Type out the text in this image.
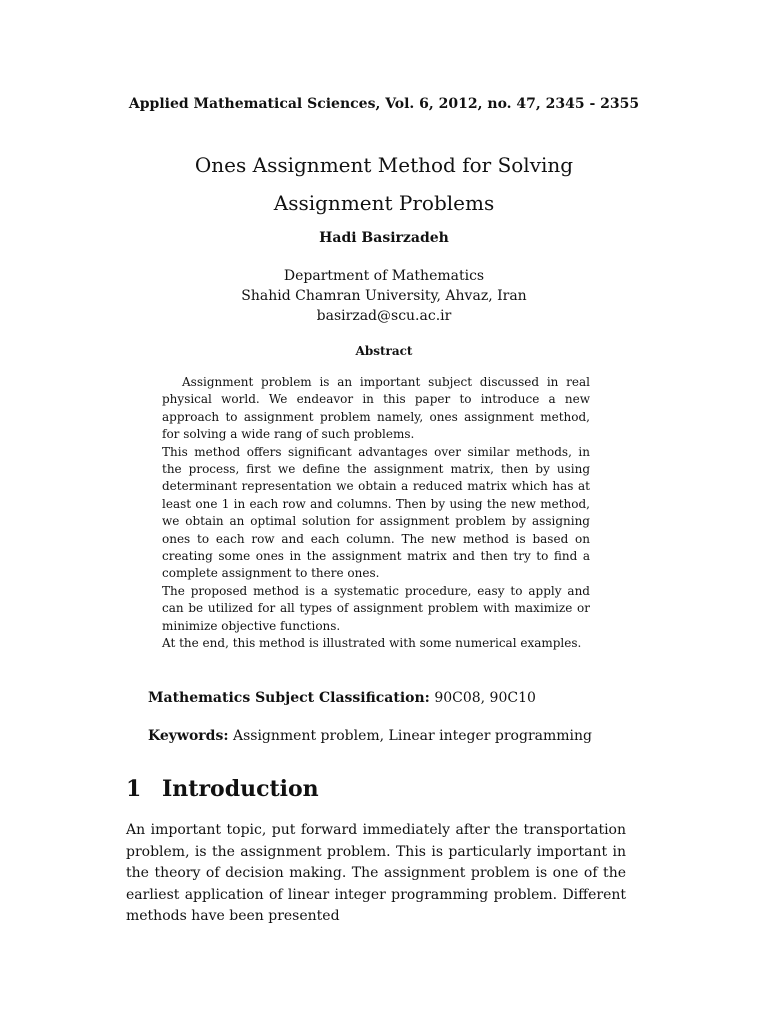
Applied Mathematical Sciences, Vol. 6, 2012, no. 47, 2345 - 2355
Ones Assignment Method for Solving
Assignment Problems
Hadi Basirzadeh
Department of Mathematics
Shahid Chamran University, Ahvaz, Iran
basirzad@scu.ac.ir
Abstract

Assignment problem is an important subject discussed in real physical world. We endeavor in this paper to introduce a new approach to assignment problem namely, ones assignment method, for solving a wide rang of such problems.

This method offers significant advantages over similar methods, in the process, first we define the assignment matrix, then by using determinant representation we obtain a reduced matrix which has at least one 1 in each row and columns. Then by using the new method, we obtain an optimal solution for assignment problem by assigning ones to each row and each column. The new method is based on creating some ones in the assignment matrix and then try to find a complete assignment to there ones.

The proposed method is a systematic procedure, easy to apply and can be utilized for all types of assignment problem with maximize or minimize objective functions.

At the end, this method is illustrated with some numerical examples.

Mathematics Subject Classification: 90C08, 90C10
Keywords: Assignment problem, Linear integer programming
1 Introduction

An important topic, put forward immediately after the transportation problem, is the assignment problem. This is particularly important in the theory of decision making. The assignment problem is one of the earliest application of linear integer programming problem. Different methods have been presented
